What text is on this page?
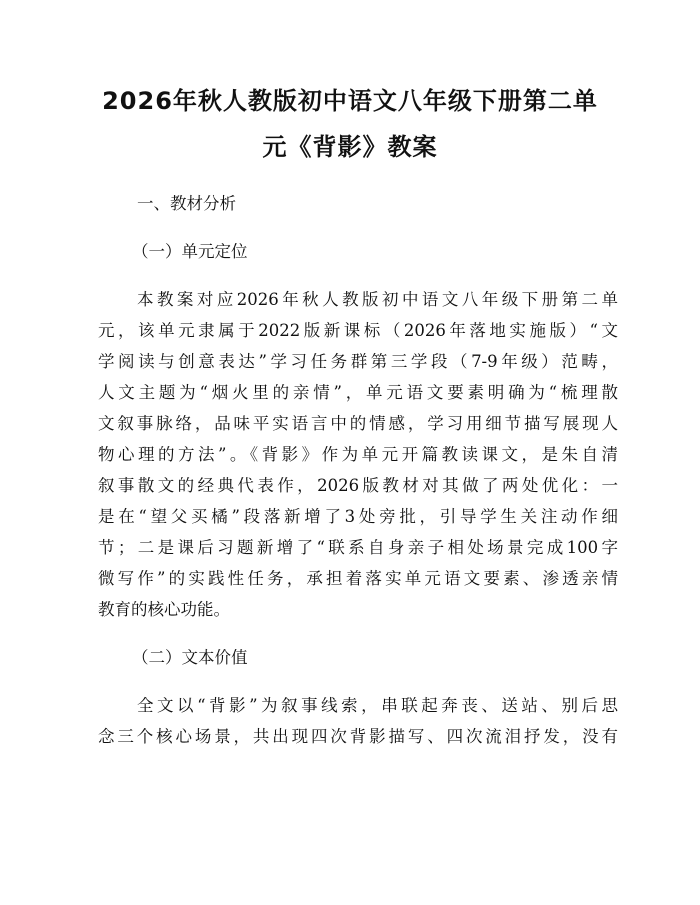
2026年秋人教版初中语文八年级下册第二单
元《背影》教案
一、教材分析
（一）单元定位
本教案对应2026年秋人教版初中语文八年级下册第二单
元，该单元隶属于2022版新课标（2026年落地实施版）“文
学阅读与创意表达”学习任务群第三学段（7-9年级）范畴，
人文主题为“烟火里的亲情”，单元语文要素明确为“梳理散
文叙事脉络，品味平实语言中的情感，学习用细节描写展现人
物心理的方法”。《背影》作为单元开篇教读课文，是朱自清
叙事散文的经典代表作，2026版教材对其做了两处优化：一
是在“望父买橘”段落新增了3处旁批，引导学生关注动作细
节；二是课后习题新增了“联系自身亲子相处场景完成100字
微写作”的实践性任务，承担着落实单元语文要素、渗透亲情
教育的核心功能。
（二）文本价值
全文以“背影”为叙事线索，串联起奔丧、送站、别后思
念三个核心场景，共出现四次背影描写、四次流泪抒发，没有
